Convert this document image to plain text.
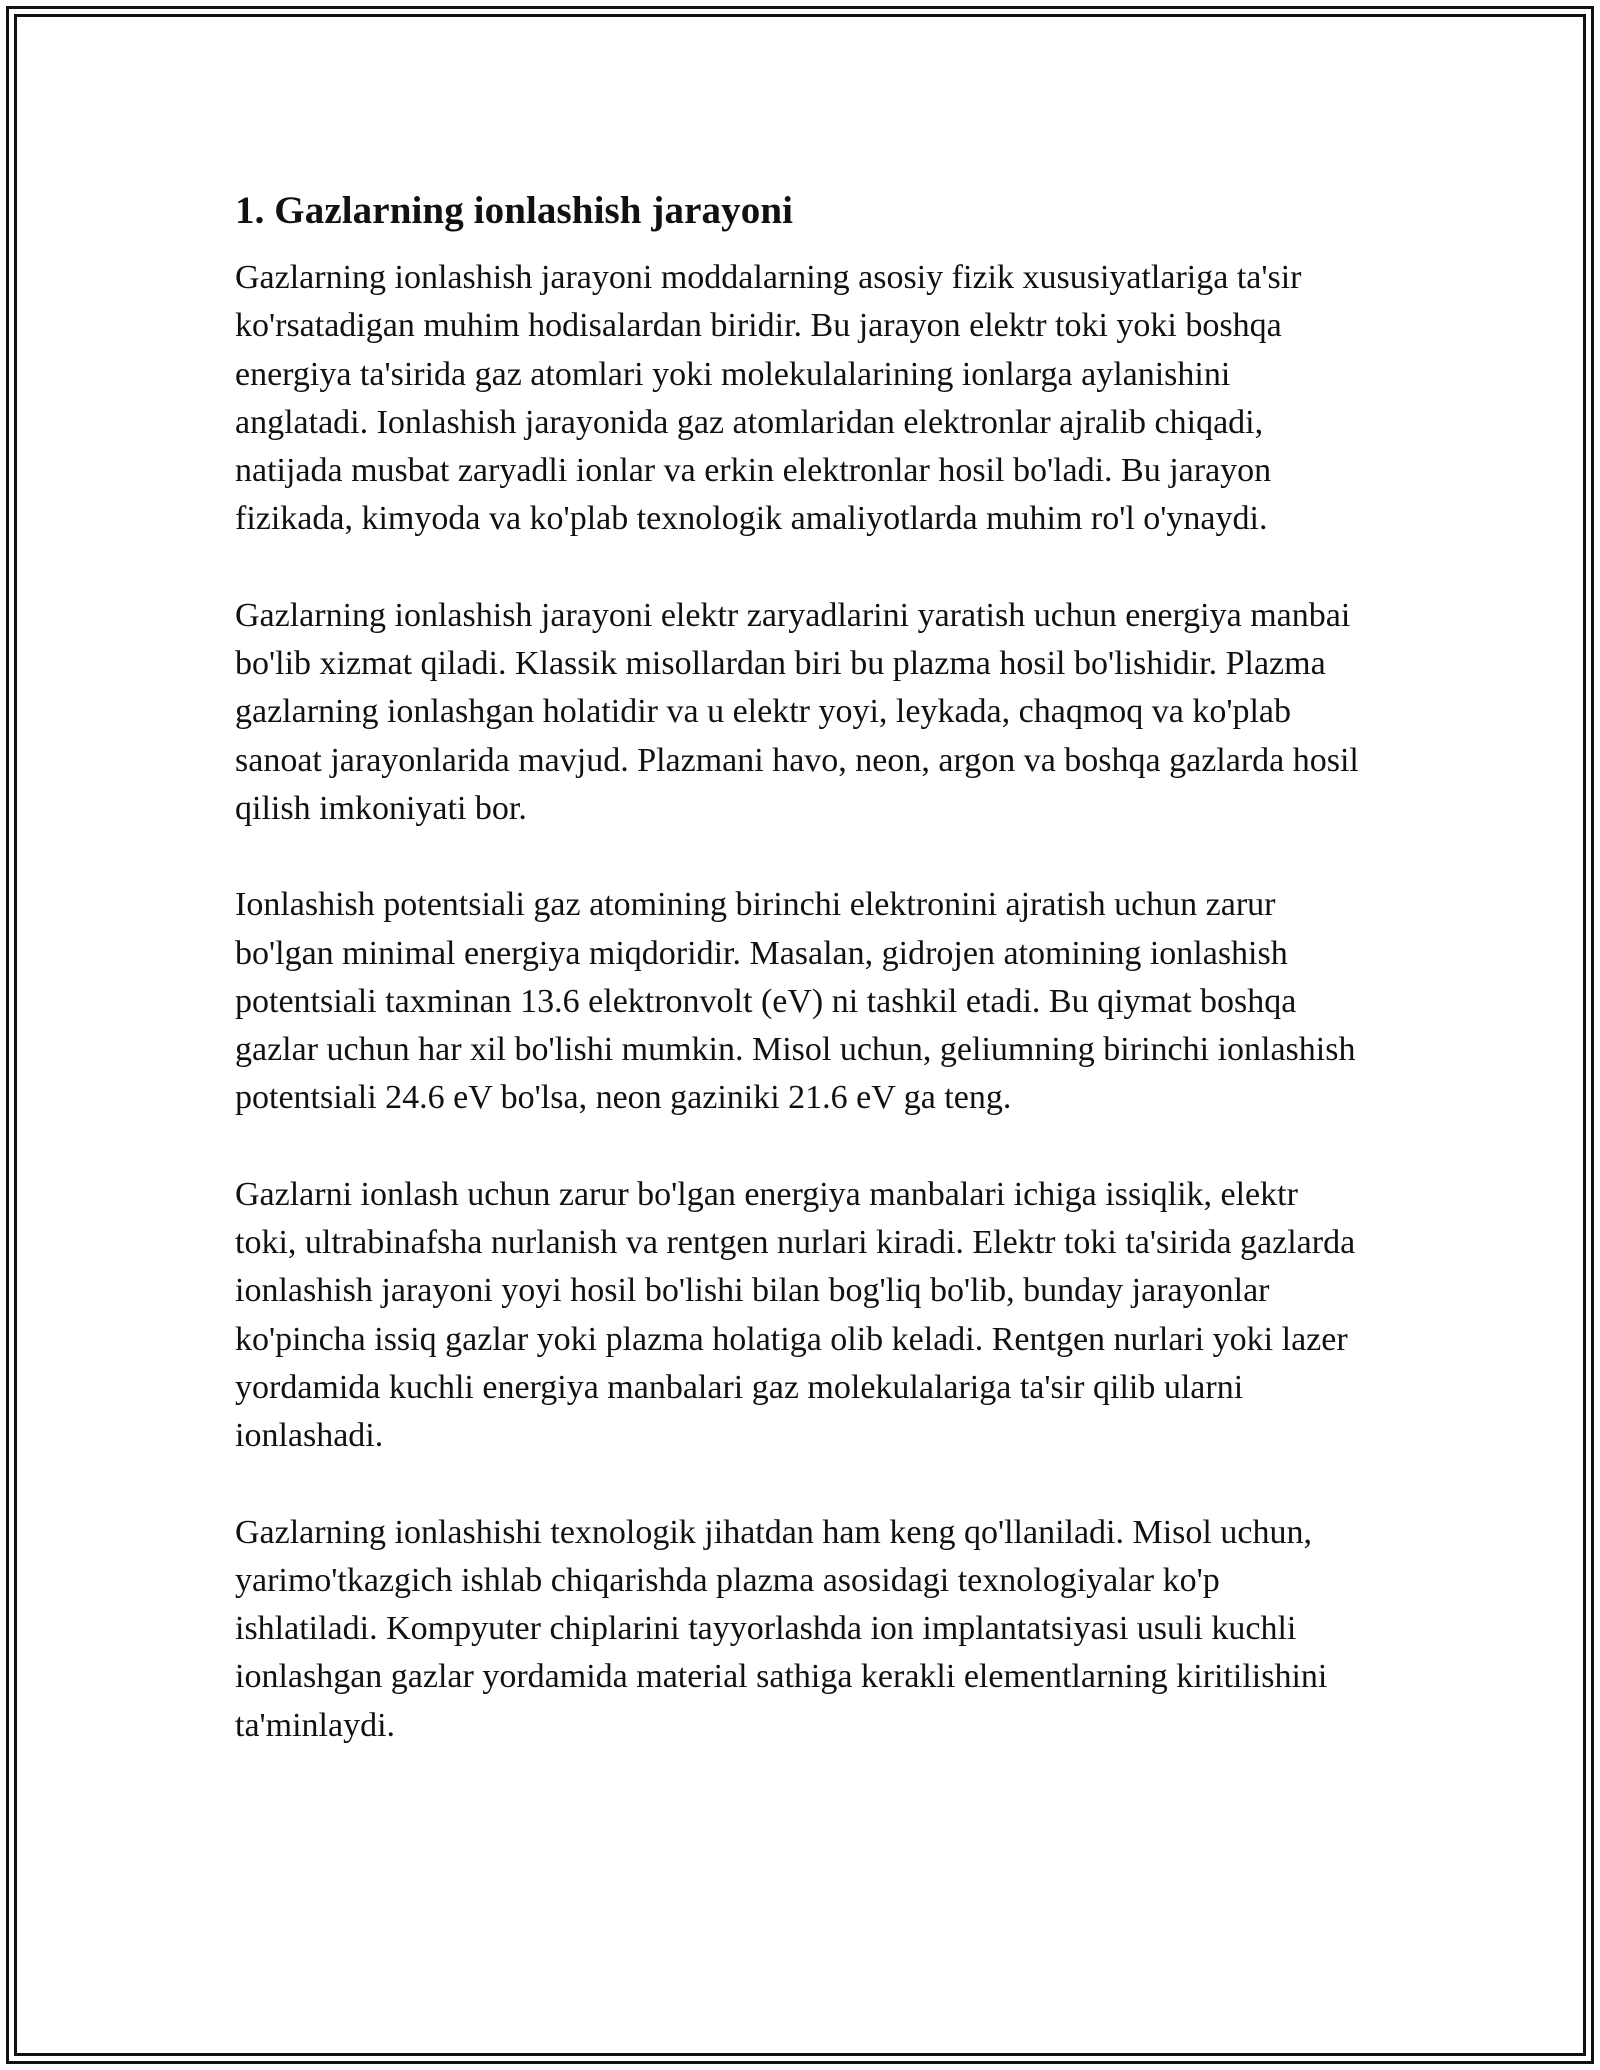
1. Gazlarning ionlashish jarayoni

Gazlarning ionlashish jarayoni moddalarning asosiy fizik xususiyatlariga ta'sir ko'rsatadigan muhim hodisalardan biridir. Bu jarayon elektr toki yoki boshqa energiya ta'sirida gaz atomlari yoki molekulalarining ionlarga aylanishini anglatadi. Ionlashish jarayonida gaz atomlaridan elektronlar ajralib chiqadi, natijada musbat zaryadli ionlar va erkin elektronlar hosil bo'ladi. Bu jarayon fizikada, kimyoda va ko'plab texnologik amaliyotlarda muhim ro'l o'ynaydi.

Gazlarning ionlashish jarayoni elektr zaryadlarini yaratish uchun energiya manbai bo'lib xizmat qiladi. Klassik misollardan biri bu plazma hosil bo'lishidir. Plazma gazlarning ionlashgan holatidir va u elektr yoyi, leykada, chaqmoq va ko'plab sanoat jarayonlarida mavjud. Plazmani havo, neon, argon va boshqa gazlarda hosil qilish imkoniyati bor.

Ionlashish potentsiali gaz atomining birinchi elektronini ajratish uchun zarur bo'lgan minimal energiya miqdoridir. Masalan, gidrojen atomining ionlashish potentsiali taxminan 13.6 elektronvolt (eV) ni tashkil etadi. Bu qiymat boshqa gazlar uchun har xil bo'lishi mumkin. Misol uchun, geliumning birinchi ionlashish potentsiali 24.6 eV bo'lsa, neon gaziniki 21.6 eV ga teng.

Gazlarni ionlash uchun zarur bo'lgan energiya manbalari ichiga issiqlik, elektr toki, ultrabinafsha nurlanish va rentgen nurlari kiradi. Elektr toki ta'sirida gazlarda ionlashish jarayoni yoyi hosil bo'lishi bilan bog'liq bo'lib, bunday jarayonlar ko'pincha issiq gazlar yoki plazma holatiga olib keladi. Rentgen nurlari yoki lazer yordamida kuchli energiya manbalari gaz molekulalariga ta'sir qilib ularni ionlashadi.

Gazlarning ionlashishi texnologik jihatdan ham keng qo'llaniladi. Misol uchun, yarimo'tkazgich ishlab chiqarishda plazma asosidagi texnologiyalar ko'p ishlatiladi. Kompyuter chiplarini tayyorlashda ion implantatsiyasi usuli kuchli ionlashgan gazlar yordamida material sathiga kerakli elementlarning kiritilishini ta'minlaydi.
